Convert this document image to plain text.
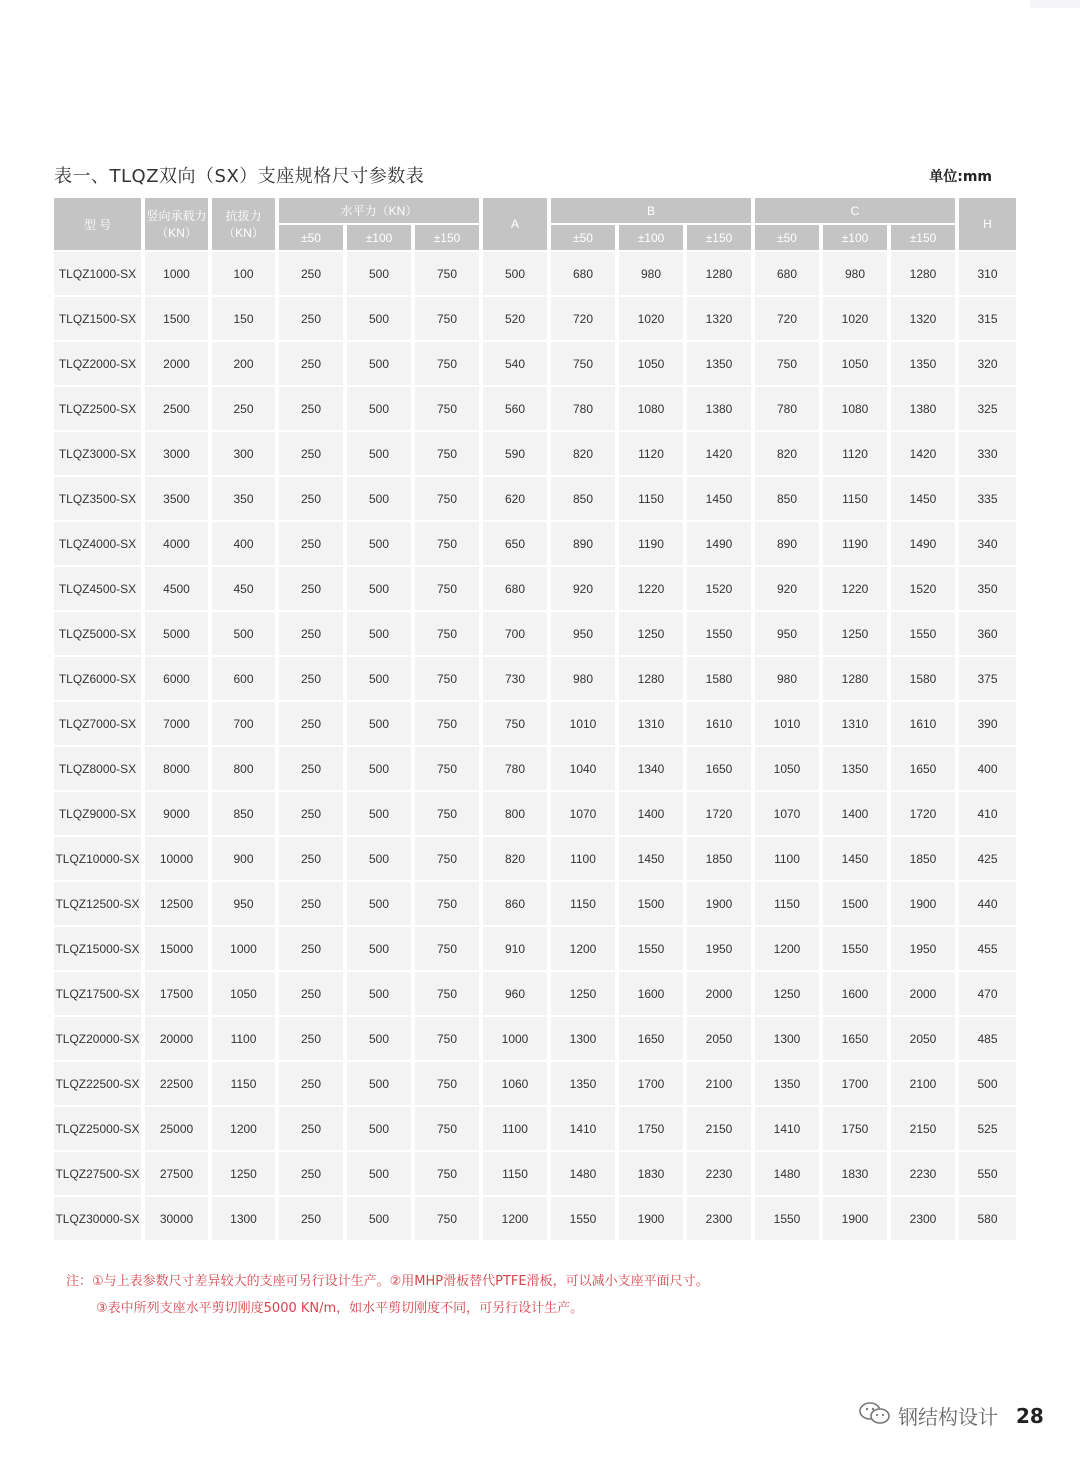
表一、TLQZ双向（SX）支座规格尺寸参数表	单位:mm
型 号	竖向承载力（KN）	抗拔力（KN）	水平力（KN）			A	B			C			H
			±50	±100	±150		±50	±100	±150	±50	±100	±150	
TLQZ1000-SX	1000	100	250	500	750	500	680	980	1280	680	980	1280	310
TLQZ1500-SX	1500	150	250	500	750	520	720	1020	1320	720	1020	1320	315
TLQZ2000-SX	2000	200	250	500	750	540	750	1050	1350	750	1050	1350	320
TLQZ2500-SX	2500	250	250	500	750	560	780	1080	1380	780	1080	1380	325
TLQZ3000-SX	3000	300	250	500	750	590	820	1120	1420	820	1120	1420	330
TLQZ3500-SX	3500	350	250	500	750	620	850	1150	1450	850	1150	1450	335
TLQZ4000-SX	4000	400	250	500	750	650	890	1190	1490	890	1190	1490	340
TLQZ4500-SX	4500	450	250	500	750	680	920	1220	1520	920	1220	1520	350
TLQZ5000-SX	5000	500	250	500	750	700	950	1250	1550	950	1250	1550	360
TLQZ6000-SX	6000	600	250	500	750	730	980	1280	1580	980	1280	1580	375
TLQZ7000-SX	7000	700	250	500	750	750	1010	1310	1610	1010	1310	1610	390
TLQZ8000-SX	8000	800	250	500	750	780	1040	1340	1650	1050	1350	1650	400
TLQZ9000-SX	9000	850	250	500	750	800	1070	1400	1720	1070	1400	1720	410
TLQZ10000-SX	10000	900	250	500	750	820	1100	1450	1850	1100	1450	1850	425
TLQZ12500-SX	12500	950	250	500	750	860	1150	1500	1900	1150	1500	1900	440
TLQZ15000-SX	15000	1000	250	500	750	910	1200	1550	1950	1200	1550	1950	455
TLQZ17500-SX	17500	1050	250	500	750	960	1250	1600	2000	1250	1600	2000	470
TLQZ20000-SX	20000	1100	250	500	750	1000	1300	1650	2050	1300	1650	2050	485
TLQZ22500-SX	22500	1150	250	500	750	1060	1350	1700	2100	1350	1700	2100	500
TLQZ25000-SX	25000	1200	250	500	750	1100	1410	1750	2150	1410	1750	2150	525
TLQZ27500-SX	27500	1250	250	500	750	1150	1480	1830	2230	1480	1830	2230	550
TLQZ30000-SX	30000	1300	250	500	750	1200	1550	1900	2300	1550	1900	2300	580
注：①与上表参数尺寸差异较大的支座可另行设计生产。②用MHP滑板替代PTFE滑板，可以减小支座平面尺寸。
③表中所列支座水平剪切刚度5000 KN/m，如水平剪切刚度不同，可另行设计生产。
钢结构设计 28
